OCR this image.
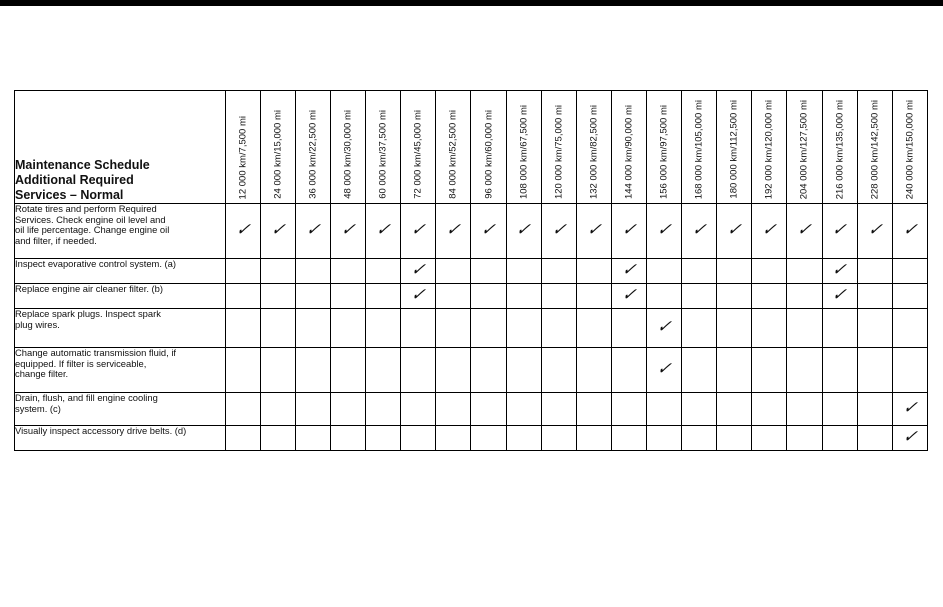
Maintenance Schedule
Additional Required
Services – Normal	12 000 km/7,500 mi	24 000 km/15,000 mi	36 000 km/22,500 mi	48 000 km/30,000 mi	60 000 km/37,500 mi	72 000 km/45,000 mi	84 000 km/52,500 mi	96 000 km/60,000 mi	108 000 km/67,500 mi	120 000 km/75,000 mi	132 000 km/82,500 mi	144 000 km/90,000 mi	156 000 km/97,500 mi	168 000 km/105,000 mi	180 000 km/112,500 mi	192 000 km/120,000 mi	204 000 km/127,500 mi	216 000 km/135,000 mi	228 000 km/142,500 mi	240 000 km/150,000 mi

Rotate tires and perform Required
Services. Check engine oil level and
oil life percentage. Change engine oil
and filter, if needed.	✓	✓	✓	✓	✓	✓	✓	✓	✓	✓	✓	✓	✓	✓	✓	✓	✓	✓	✓	✓

Inspect evaporative control system. (a)						✓						✓						✓		

Replace engine air cleaner filter. (b)						✓						✓						✓		

Replace spark plugs. Inspect spark
plug wires.													✓							

Change automatic transmission fluid, if
equipped. If filter is serviceable,
change filter.													✓							

Drain, flush, and fill engine cooling
system. (c)																				✓

Visually inspect accessory drive belts. (d)																				✓
